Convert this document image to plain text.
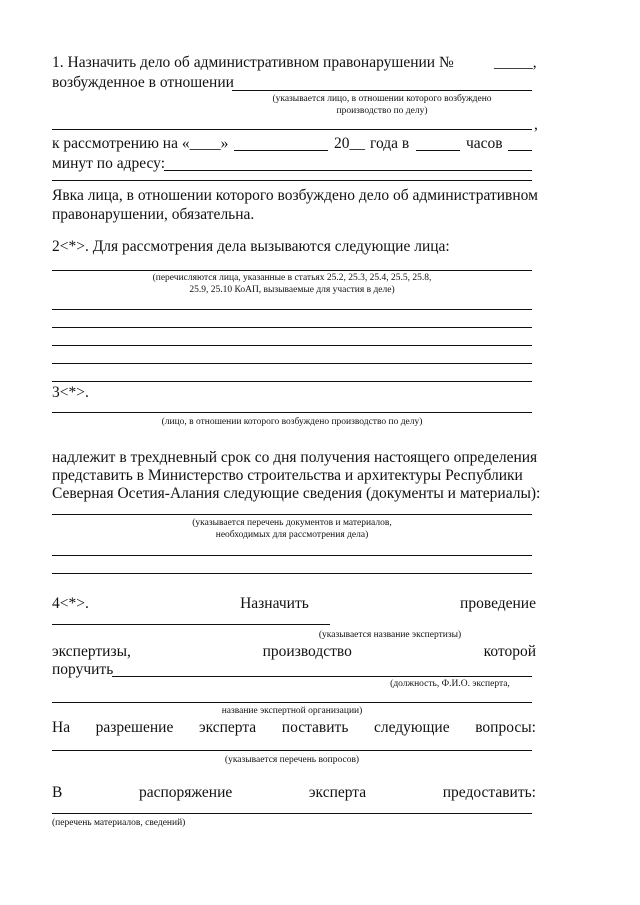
1. Назначить дело об административном правонарушении №	_____,
возбужденное в отношении
(указывается лицо, в отношении которого возбуждено
производство по делу)
,
к рассмотрению на «____»	20__ года в	часов
минут по адресу:
Явка лица, в отношении которого возбуждено дело об административном
правонарушении, обязательна.
2<*>. Для рассмотрения дела вызываются следующие лица:
(перечисляются лица, указанные в статьях 25.2, 25.3, 25.4, 25.5, 25.8,
25.9, 25.10 КоАП, вызываемые для участия в деле)
3<*>.
(лицо, в отношении которого возбуждено производство по делу)
надлежит в трехдневный срок со дня получения настоящего определения
представить в Министерство строительства и архитектуры Республики
Северная Осетия-Алания следующие сведения (документы и материалы):
(указывается перечень документов и материалов,
необходимых для рассмотрения дела)
4<*>.	Назначить	проведение
(указывается название экспертизы)
экспертизы,	производство	которой
поручить
(должность, Ф.И.О. эксперта,
название экспертной организации)
На разрешение эксперта поставить следующие вопросы:
(указывается перечень вопросов)
В	распоряжение	эксперта	предоставить:
(перечень материалов, сведений)
